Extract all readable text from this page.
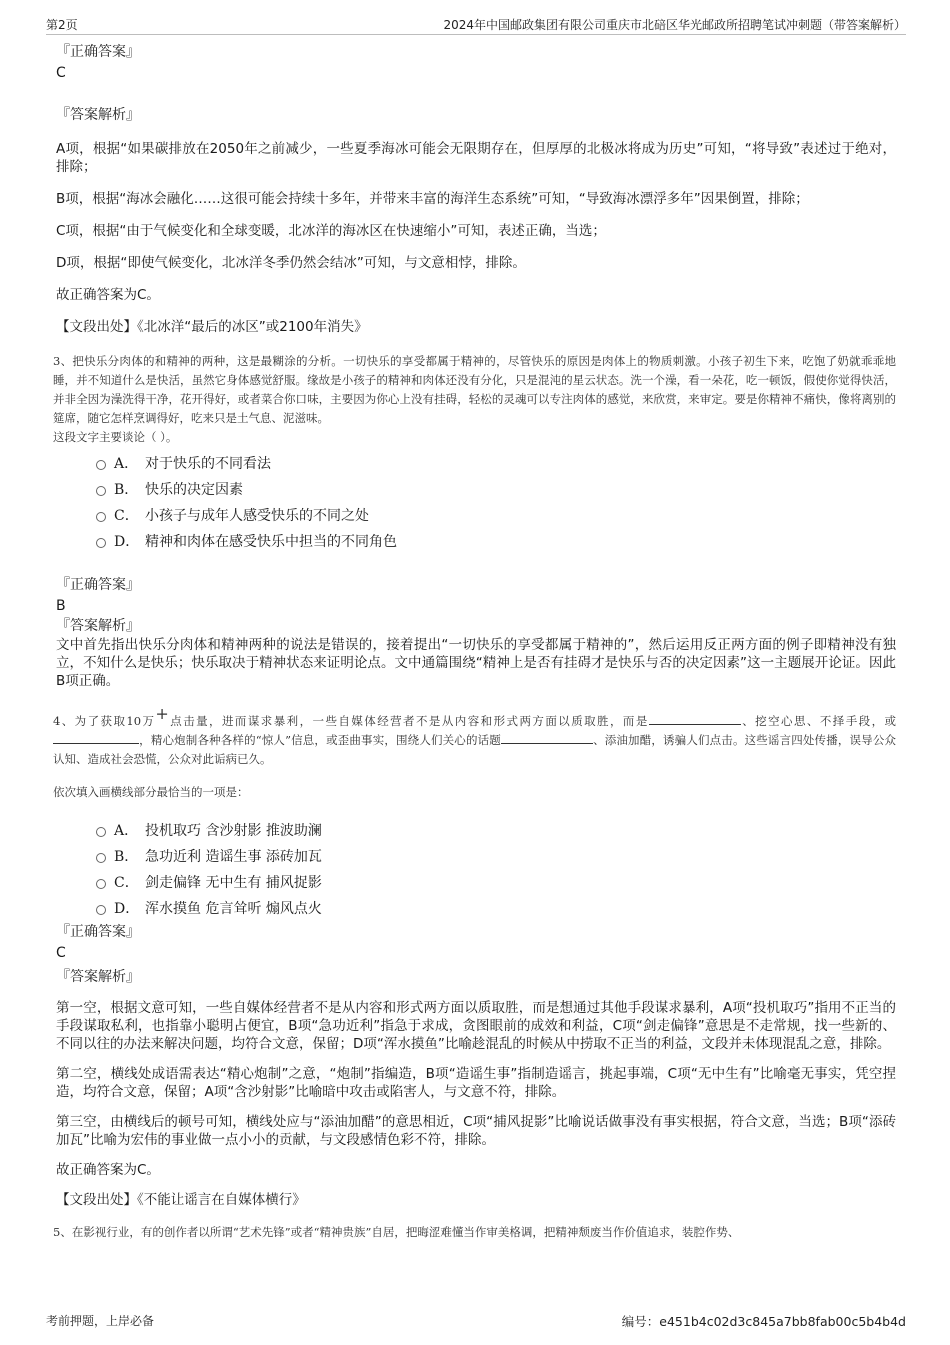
第2页	2024年中国邮政集团有限公司重庆市北碚区华光邮政所招聘笔试冲刺题（带答案解析）
『正确答案』
C
『答案解析』

A项，根据“如果碳排放在2050年之前减少，一些夏季海冰可能会无限期存在，但厚厚的北极冰将成为历史”可知，“将导致”表述过于绝对，排除；

B项，根据“海冰会融化……这很可能会持续十多年，并带来丰富的海洋生态系统”可知，“导致海冰漂浮多年”因果倒置，排除；

C项，根据“由于气候变化和全球变暖，北冰洋的海冰区在快速缩小”可知，表述正确，当选；

D项，根据“即使气候变化，北冰洋冬季仍然会结冰”可知，与文意相悖，排除。

故正确答案为C。

【文段出处】《北冰洋“最后的冰区”或2100年消失》
3、把快乐分肉体的和精神的两种，这是最糊涂的分析。一切快乐的享受都属于精神的，尽管快乐的原因是肉体上的物质刺激。小孩子初生下来，吃饱了奶就乖乖地睡，并不知道什么是快活，虽然它身体感觉舒服。缘故是小孩子的精神和肉体还没有分化，只是混沌的星云状态。洗一个澡，看一朵花，吃一顿饭，假使你觉得快活，并非全因为澡洗得干净，花开得好，或者菜合你口味，主要因为你心上没有挂碍，轻松的灵魂可以专注肉体的感觉，来欣赏，来审定。要是你精神不痛快，像将离别的筵席，随它怎样烹调得好，吃来只是土气息、泥滋味。
这段文字主要谈论（ ）。
A． 对于快乐的不同看法
B． 快乐的决定因素
C． 小孩子与成年人感受快乐的不同之处
D． 精神和肉体在感受快乐中担当的不同角色
『正确答案』
B
『答案解析』

文中首先指出快乐分肉体和精神两种的说法是错误的，接着提出“一切快乐的享受都属于精神的”，然后运用反正两方面的例子即精神没有独立，不知什么是快乐；快乐取决于精神状态来证明论点。文中通篇围绕“精神上是否有挂碍才是快乐与否的决定因素”这一主题展开论证。因此B项正确。

4、为了获取10万+点击量，进而谋求暴利，一些自媒体经营者不是从内容和形式两方面以质取胜，而是	、挖空心思、不择手段，或，精心炮制各种各样的“惊人”信息，或歪曲事实，围绕人们关心的话题	、添油加醋，诱骗人们点击。这些谣言四处传播，误导公众认知、造成社会恐慌，公众对此诟病已久。
依次填入画横线部分最恰当的一项是：
A． 投机取巧 含沙射影 推波助澜
B． 急功近利 造谣生事 添砖加瓦
C． 剑走偏锋 无中生有 捕风捉影
D． 浑水摸鱼 危言耸听 煽风点火
『正确答案』
C
『答案解析』

第一空，根据文意可知，一些自媒体经营者不是从内容和形式两方面以质取胜，而是想通过其他手段谋求暴利，A项“投机取巧”指用不正当的手段谋取私利，也指靠小聪明占便宜，B项“急功近利”指急于求成，贪图眼前的成效和利益，C项“剑走偏锋”意思是不走常规，找一些新的、不同以往的办法来解决问题，均符合文意，保留；D项“浑水摸鱼”比喻趁混乱的时候从中捞取不正当的利益，文段并未体现混乱之意，排除。

第二空，横线处成语需表达“精心炮制”之意，“炮制”指编造，B项“造谣生事”指制造谣言，挑起事端，C项“无中生有”比喻毫无事实，凭空捏造，均符合文意，保留；A项“含沙射影”比喻暗中攻击或陷害人，与文意不符，排除。

第三空，由横线后的顿号可知，横线处应与“添油加醋”的意思相近，C项“捕风捉影”比喻说话做事没有事实根据，符合文意，当选；B项“添砖加瓦”比喻为宏伟的事业做一点小小的贡献，与文段感情色彩不符，排除。

故正确答案为C。

【文段出处】《不能让谣言在自媒体横行》
5、在影视行业，有的创作者以所谓“艺术先锋”或者“精神贵族”自居，把晦涩难懂当作审美格调，把精神颓废当作价值追求，装腔作势、
考前押题，上岸必备	编号：e451b4c02d3c845a7bb8fab00c5b4b4d
